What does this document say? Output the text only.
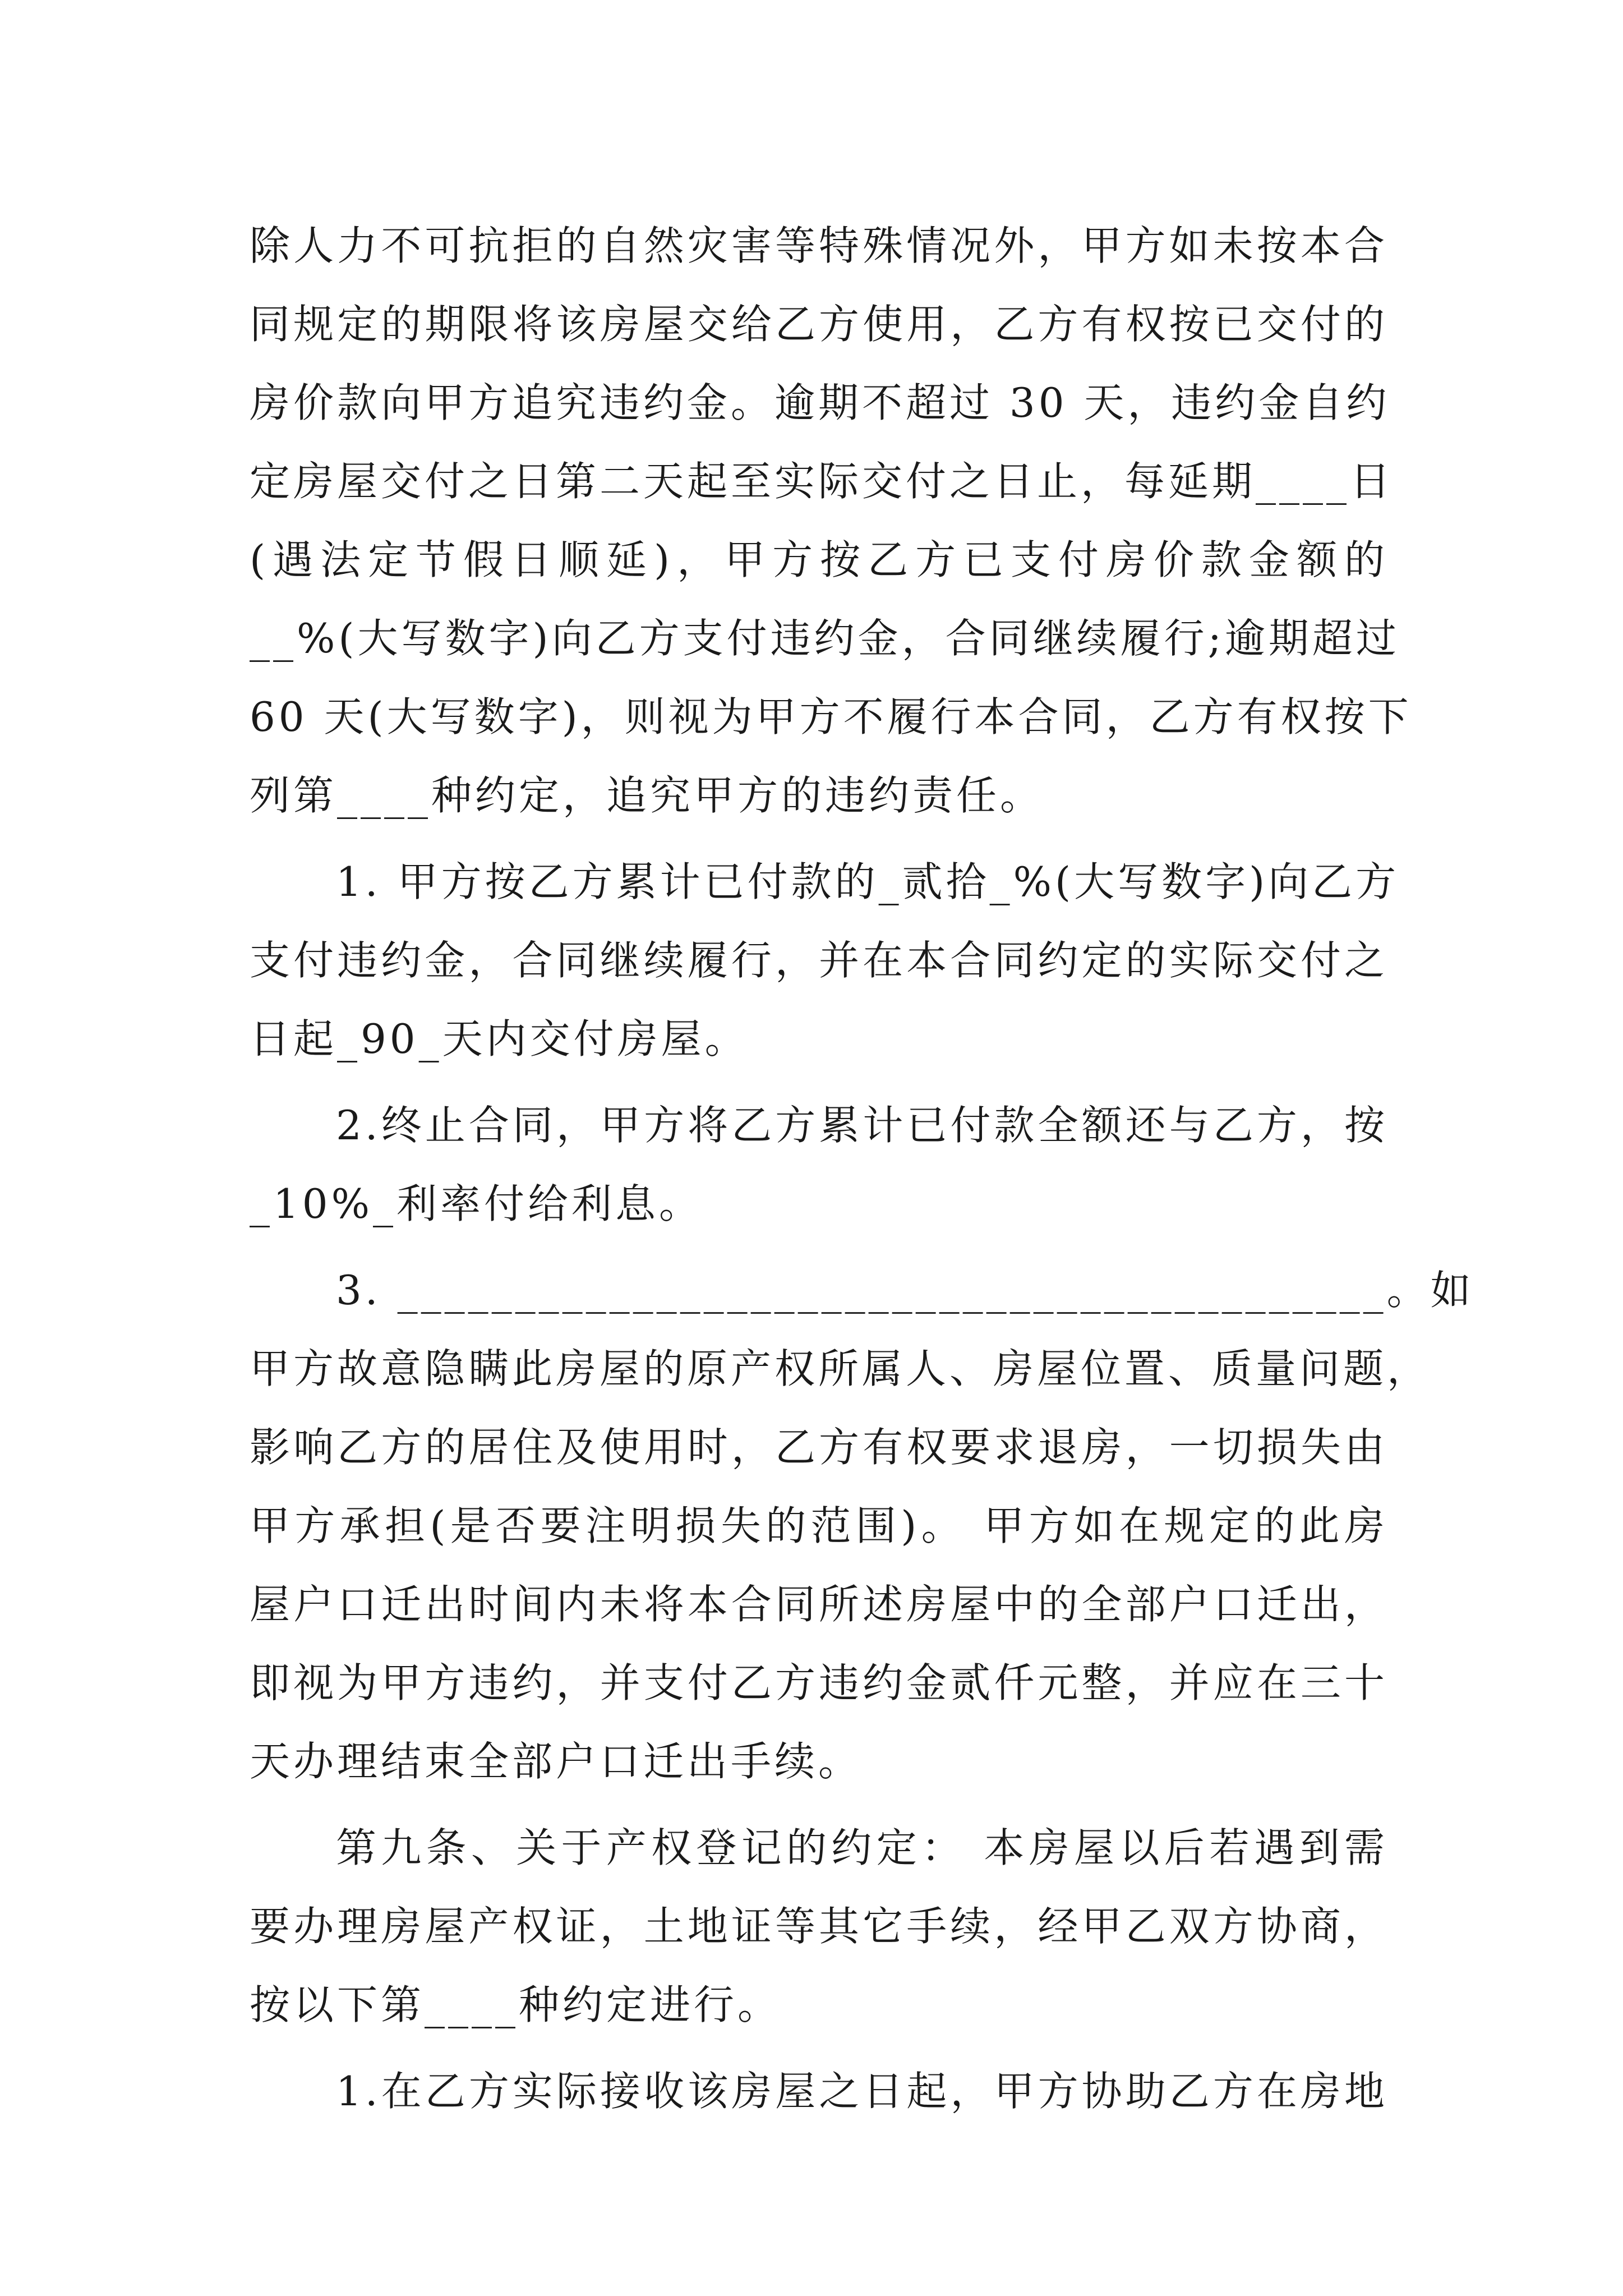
除人力不可抗拒的自然灾害等特殊情况外，甲方如未按本合
同规定的期限将该房屋交给乙方使用，乙方有权按已交付的
房价款向甲方追究违约金。逾期不超过 30 天，违约金自约
定房屋交付之日第二天起至实际交付之日止，每延期____日
(遇法定节假日顺延)，甲方按乙方已支付房价款金额的
__%(大写数字)向乙方支付违约金，合同继续履行;逾期超过
60 天(大写数字)，则视为甲方不履行本合同，乙方有权按下
列第____种约定，追究甲方的违约责任。
1. 甲方按乙方累计已付款的_贰拾_%(大写数字)向乙方
支付违约金，合同继续履行，并在本合同约定的实际交付之
日起_90_天内交付房屋。
2.终止合同，甲方将乙方累计已付款全额还与乙方，按
_10%_利率付给利息。
3. __________________________________________。如
甲方故意隐瞒此房屋的原产权所属人、房屋位置、质量问题，
影响乙方的居住及使用时，乙方有权要求退房，一切损失由
甲方承担(是否要注明损失的范围)。 甲方如在规定的此房
屋户口迁出时间内未将本合同所述房屋中的全部户口迁出，
即视为甲方违约，并支付乙方违约金贰仟元整，并应在三十
天办理结束全部户口迁出手续。
第九条、关于产权登记的约定： 本房屋以后若遇到需
要办理房屋产权证，土地证等其它手续，经甲乙双方协商，
按以下第____种约定进行。
1.在乙方实际接收该房屋之日起，甲方协助乙方在房地
